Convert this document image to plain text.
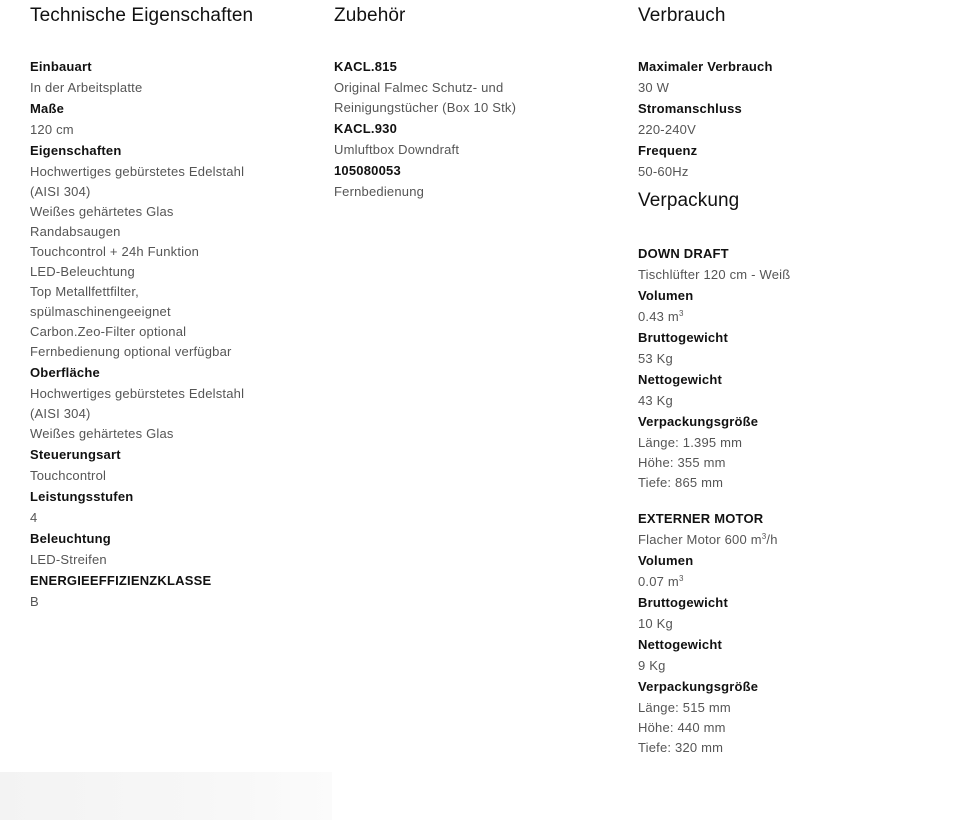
Technische Eigenschaften
Einbauart
In der Arbeitsplatte
Maße
120 cm
Eigenschaften
Hochwertiges gebürstetes Edelstahl
(AISI 304)
Weißes gehärtetes Glas
Randabsaugen
Touchcontrol + 24h Funktion
LED-Beleuchtung
Top Metallfettfilter,
spülmaschinengeeignet
Carbon.Zeo-Filter optional
Fernbedienung optional verfügbar
Oberfläche
Hochwertiges gebürstetes Edelstahl
(AISI 304)
Weißes gehärtetes Glas
Steuerungsart
Touchcontrol
Leistungsstufen
4
Beleuchtung
LED-Streifen
ENERGIEEFFIZIENZKLASSE
B
Zubehör
KACL.815
Original Falmec Schutz- und
Reinigungstücher (Box 10 Stk)
KACL.930
Umluftbox Downdraft
105080053
Fernbedienung
Verbrauch
Maximaler Verbrauch
30 W
Stromanschluss
220-240V
Frequenz
50-60Hz
Verpackung
DOWN DRAFT
Tischlüfter 120 cm - Weiß
Volumen
0.43 $m^3$
Bruttogewicht
53 Kg
Nettogewicht
43 Kg
Verpackungsgröße
Länge: 1.395 mm
Höhe: 355 mm
Tiefe: 865 mm
EXTERNER MOTOR
Flacher Motor 600 $m^3/h$
Volumen
0.07 $m^3$
Bruttogewicht
10 Kg
Nettogewicht
9 Kg
Verpackungsgröße
Länge: 515 mm
Höhe: 440 mm
Tiefe: 320 mm
